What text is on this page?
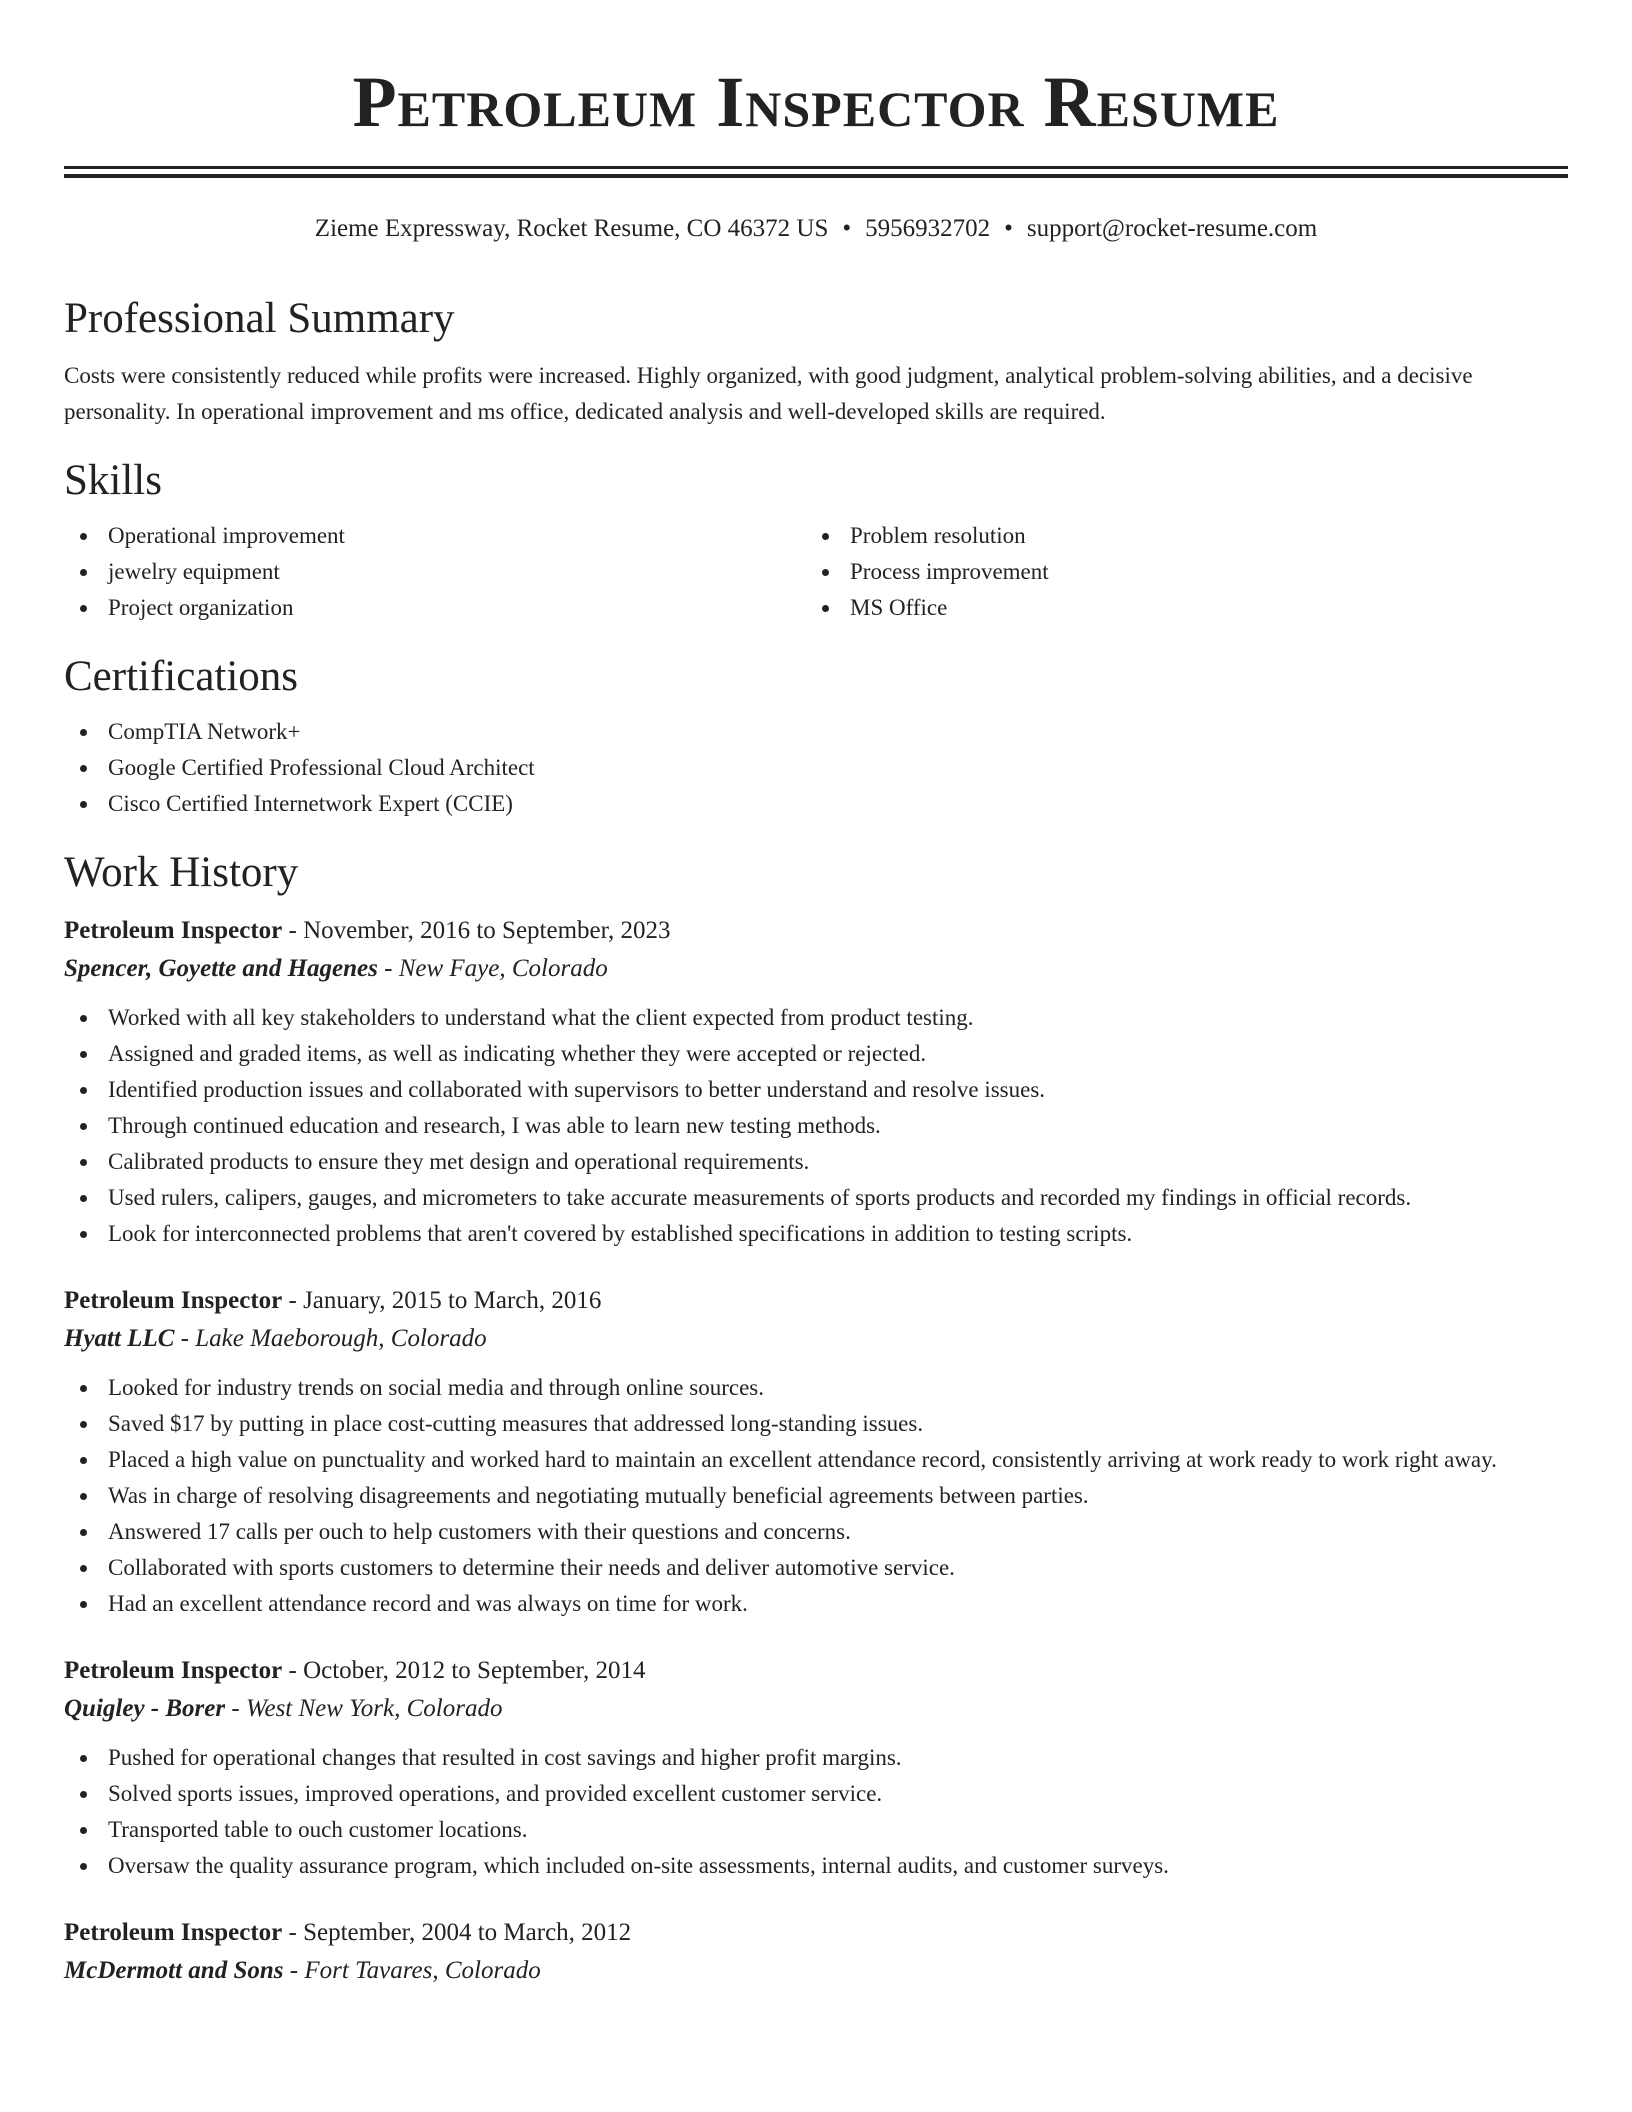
Petroleum Inspector Resume
Zieme Expressway, Rocket Resume, CO 46372 US • 5956932702 • support@rocket-resume.com
Professional Summary
Costs were consistently reduced while profits were increased. Highly organized, with good judgment, analytical problem-solving abilities, and a decisive personality. In operational improvement and ms office, dedicated analysis and well-developed skills are required.
Skills
Operational improvement
jewelry equipment
Project organization
Problem resolution
Process improvement
MS Office
Certifications
CompTIA Network+
Google Certified Professional Cloud Architect
Cisco Certified Internetwork Expert (CCIE)
Work History
Petroleum Inspector - November, 2016 to September, 2023
Spencer, Goyette and Hagenes - New Faye, Colorado
Worked with all key stakeholders to understand what the client expected from product testing.
Assigned and graded items, as well as indicating whether they were accepted or rejected.
Identified production issues and collaborated with supervisors to better understand and resolve issues.
Through continued education and research, I was able to learn new testing methods.
Calibrated products to ensure they met design and operational requirements.
Used rulers, calipers, gauges, and micrometers to take accurate measurements of sports products and recorded my findings in official records.
Look for interconnected problems that aren't covered by established specifications in addition to testing scripts.
Petroleum Inspector - January, 2015 to March, 2016
Hyatt LLC - Lake Maeborough, Colorado
Looked for industry trends on social media and through online sources.
Saved $17 by putting in place cost-cutting measures that addressed long-standing issues.
Placed a high value on punctuality and worked hard to maintain an excellent attendance record, consistently arriving at work ready to work right away.
Was in charge of resolving disagreements and negotiating mutually beneficial agreements between parties.
Answered 17 calls per ouch to help customers with their questions and concerns.
Collaborated with sports customers to determine their needs and deliver automotive service.
Had an excellent attendance record and was always on time for work.
Petroleum Inspector - October, 2012 to September, 2014
Quigley - Borer - West New York, Colorado
Pushed for operational changes that resulted in cost savings and higher profit margins.
Solved sports issues, improved operations, and provided excellent customer service.
Transported table to ouch customer locations.
Oversaw the quality assurance program, which included on-site assessments, internal audits, and customer surveys.
Petroleum Inspector - September, 2004 to March, 2012
McDermott and Sons - Fort Tavares, Colorado
